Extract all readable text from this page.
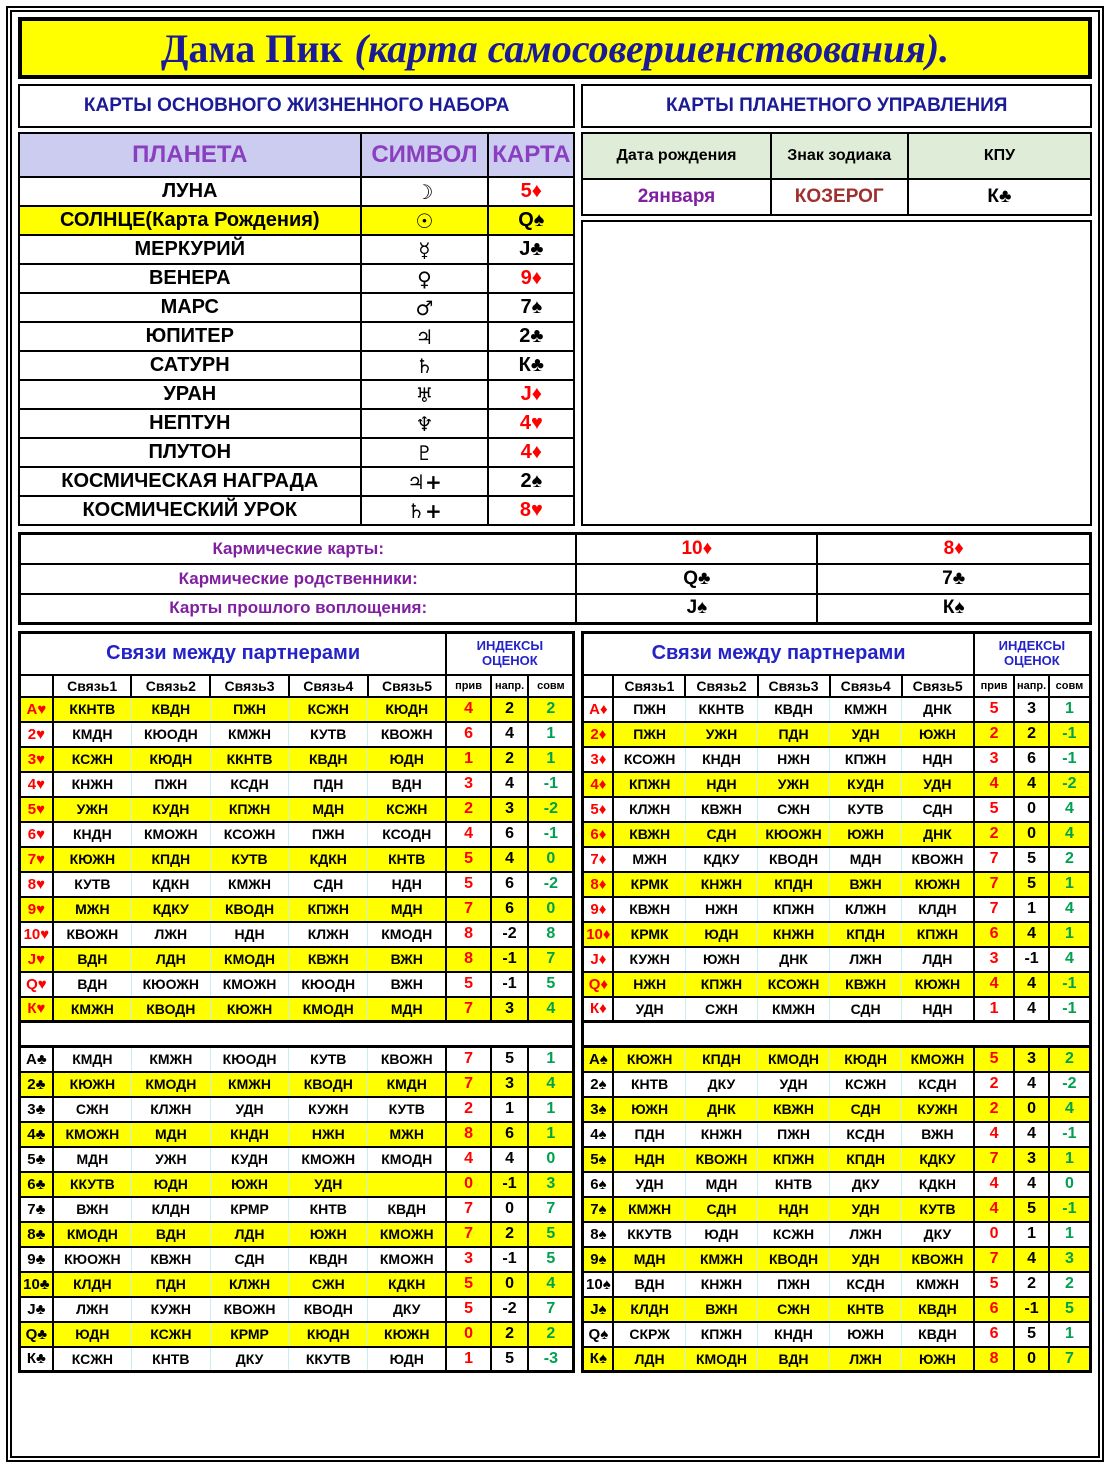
Дама Пик (карта самосовершенствования).
КАРТЫ ОСНОВНОГО ЖИЗНЕННОГО НАБОРА
ПЛАНЕТА	СИМВОЛ	КАРТА
ЛУНА	☽	5♦
СОЛНЦЕ(Карта Рождения)	☉	Q♠
МЕРКУРИЙ	☿	J♣
ВЕНЕРА	♀	9♦
МАРС	♂	7♠
ЮПИТЕР	♃	2♣
САТУРН	♄	К♣
УРАН	♅	J♦
НЕПТУН	♆	4♥
ПЛУТОН	♇	4♦
КОСМИЧЕСКАЯ НАГРАДА	♃+	2♠
КОСМИЧЕСКИЙ УРОК	♄+	8♥
КАРТЫ ПЛАНЕТНОГО УПРАВЛЕНИЯ
Дата рождения	Знак зодиака	КПУ
2января	КОЗЕРОГ	К♣
Кармические карты:	10♦	8♦
Кармические родственники:	Q♣	7♣
Карты прошлого воплощения:	J♠	К♠
Связи между партнерами						ИНДЕКСЫ ОЦЕНОК		
	Связь1	Связь2	Связь3	Связь4	Связь5	прив	напр.	совм
А♥	ККНТВ	КВДН	ПЖН	КСЖН	КЮДН	4	2	2
2♥	КМДН	КЮОДН	КМЖН	КУТВ	КВОЖН	6	4	1
3♥	КСЖН	КЮДН	ККНТВ	КВДН	ЮДН	1	2	1
4♥	КНЖН	ПЖН	КСДН	ПДН	ВДН	3	4	-1
5♥	УЖН	КУДН	КПЖН	МДН	КСЖН	2	3	-2
6♥	КНДН	КМОЖН	КСОЖН	ПЖН	КСОДН	4	6	-1
7♥	КЮЖН	КПДН	КУТВ	КДКН	КНТВ	5	4	0
8♥	КУТВ	КДКН	КМЖН	СДН	НДН	5	6	-2
9♥	МЖН	КДКУ	КВОДН	КПЖН	МДН	7	6	0
10♥	КВОЖН	ЛЖН	НДН	КЛЖН	КМОДН	8	-2	8
J♥	ВДН	ЛДН	КМОДН	КВЖН	ВЖН	8	-1	7
Q♥	ВДН	КЮОЖН	КМОЖН	КЮОДН	ВЖН	5	-1	5
К♥	КМЖН	КВОДН	КЮЖН	КМОДН	МДН	7	3	4

А♣	КМДН	КМЖН	КЮОДН	КУТВ	КВОЖН	7	5	1
2♣	КЮЖН	КМОДН	КМЖН	КВОДН	КМДН	7	3	4
3♣	СЖН	КЛЖН	УДН	КУЖН	КУТВ	2	1	1
4♣	КМОЖН	МДН	КНДН	НЖН	МЖН	8	6	1
5♣	МДН	УЖН	КУДН	КМОЖН	КМОДН	4	4	0
6♣	ККУТВ	ЮДН	ЮЖН	УДН		0	-1	3
7♣	ВЖН	КЛДН	КРМР	КНТВ	КВДН	7	0	7
8♣	КМОДН	ВДН	ЛДН	ЮЖН	КМОЖН	7	2	5
9♣	КЮОЖН	КВЖН	СДН	КВДН	КМОЖН	3	-1	5
10♣	КЛДН	ПДН	КЛЖН	СЖН	КДКН	5	0	4
J♣	ЛЖН	КУЖН	КВОЖН	КВОДН	ДКУ	5	-2	7
Q♣	ЮДН	КСЖН	КРМР	КЮДН	КЮЖН	0	2	2
К♣	КСЖН	КНТВ	ДКУ	ККУТВ	ЮДН	1	5	-3
Связи между партнерами						ИНДЕКСЫ ОЦЕНОК		
	Связь1	Связь2	Связь3	Связь4	Связь5	прив	напр.	совм
А♦	ПЖН	ККНТВ	КВДН	КМЖН	ДНК	5	3	1
2♦	ПЖН	УЖН	ПДН	УДН	ЮЖН	2	2	-1
3♦	КСОЖН	КНДН	НЖН	КПЖН	НДН	3	6	-1
4♦	КПЖН	НДН	УЖН	КУДН	УДН	4	4	-2
5♦	КЛЖН	КВЖН	СЖН	КУТВ	СДН	5	0	4
6♦	КВЖН	СДН	КЮОЖН	ЮЖН	ДНК	2	0	4
7♦	МЖН	КДКУ	КВОДН	МДН	КВОЖН	7	5	2
8♦	КРМК	КНЖН	КПДН	ВЖН	КЮЖН	7	5	1
9♦	КВЖН	НЖН	КПЖН	КЛЖН	КЛДН	7	1	4
10♦	КРМК	ЮДН	КНЖН	КПДН	КПЖН	6	4	1
J♦	КУЖН	ЮЖН	ДНК	ЛЖН	ЛДН	3	-1	4
Q♦	НЖН	КПЖН	КСОЖН	КВЖН	КЮЖН	4	4	-1
К♦	УДН	СЖН	КМЖН	СДН	НДН	1	4	-1

А♠	КЮЖН	КПДН	КМОДН	КЮДН	КМОЖН	5	3	2
2♠	КНТВ	ДКУ	УДН	КСЖН	КСДН	2	4	-2
3♠	ЮЖН	ДНК	КВЖН	СДН	КУЖН	2	0	4
4♠	ПДН	КНЖН	ПЖН	КСДН	ВЖН	4	4	-1
5♠	НДН	КВОЖН	КПЖН	КПДН	КДКУ	7	3	1
6♠	УДН	МДН	КНТВ	ДКУ	КДКН	4	4	0
7♠	КМЖН	СДН	НДН	УДН	КУТВ	4	5	-1
8♠	ККУТВ	ЮДН	КСЖН	ЛЖН	ДКУ	0	1	1
9♠	МДН	КМЖН	КВОДН	УДН	КВОЖН	7	4	3
10♠	ВДН	КНЖН	ПЖН	КСДН	КМЖН	5	2	2
J♠	КЛДН	ВЖН	СЖН	КНТВ	КВДН	6	-1	5
Q♠	СКРЖ	КПЖН	КНДН	ЮЖН	КВДН	6	5	1
К♠	ЛДН	КМОДН	ВДН	ЛЖН	ЮЖН	8	0	7
